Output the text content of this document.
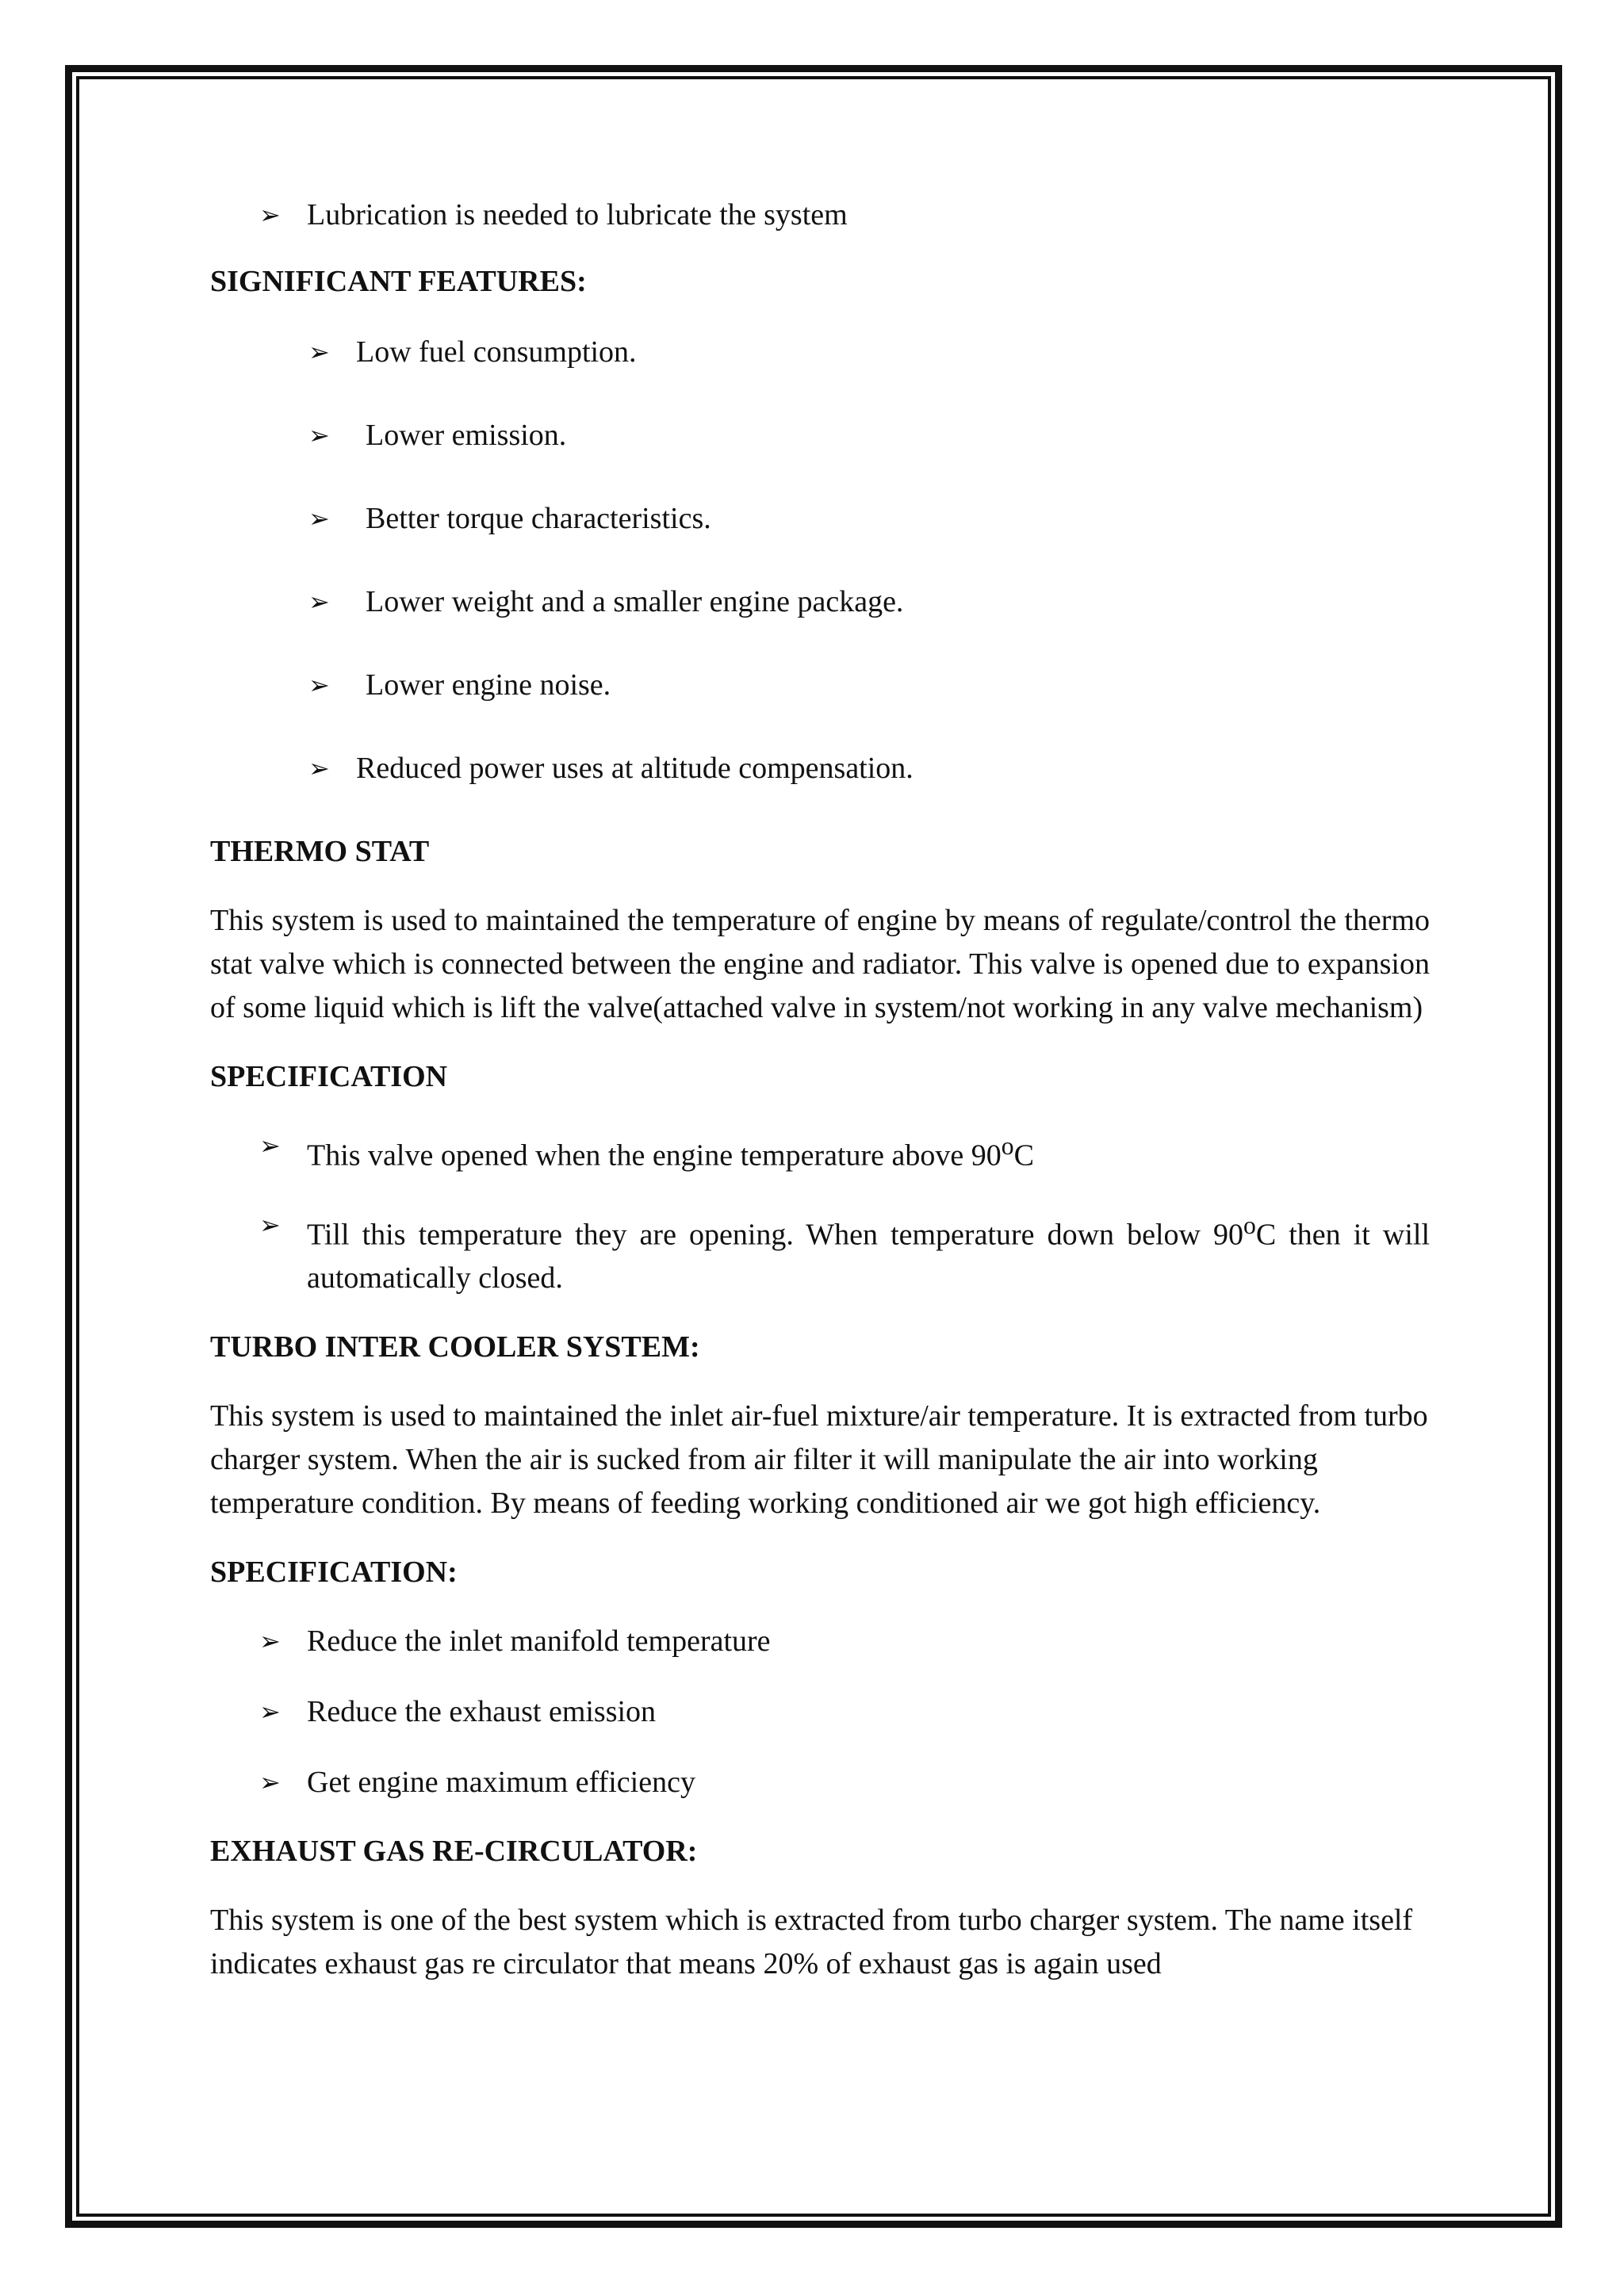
➢ Lubrication is needed to lubricate the system

SIGNIFICANT FEATURES:

➢ Low fuel consumption.
➢ Lower emission.
➢ Better torque characteristics.
➢ Lower weight and a smaller engine package.
➢ Lower engine noise.
➢ Reduced power uses at altitude compensation.

THERMO STAT

This system is used to maintained the temperature of engine by means of regulate/control the thermo stat valve which is connected between the engine and radiator. This valve is opened due to expansion of some liquid which is lift the valve(attached valve in system/not working in any valve mechanism)

SPECIFICATION

➢ This valve opened when the engine temperature above 90$^o$C
➢ Till this temperature they are opening. When temperature down below 90$^o$C then it will automatically closed.

TURBO INTER COOLER SYSTEM:

This system is used to maintained the inlet air-fuel mixture/air temperature. It is extracted from turbo charger system. When the air is sucked from air filter it will manipulate the air into working temperature condition. By means of feeding working conditioned air we got high efficiency.

SPECIFICATION:

➢ Reduce the inlet manifold temperature
➢ Reduce the exhaust emission
➢ Get engine maximum efficiency

EXHAUST GAS RE-CIRCULATOR:

This system is one of the best system which is extracted from turbo charger system. The name itself indicates exhaust gas re circulator that means 20% of exhaust gas is again used
